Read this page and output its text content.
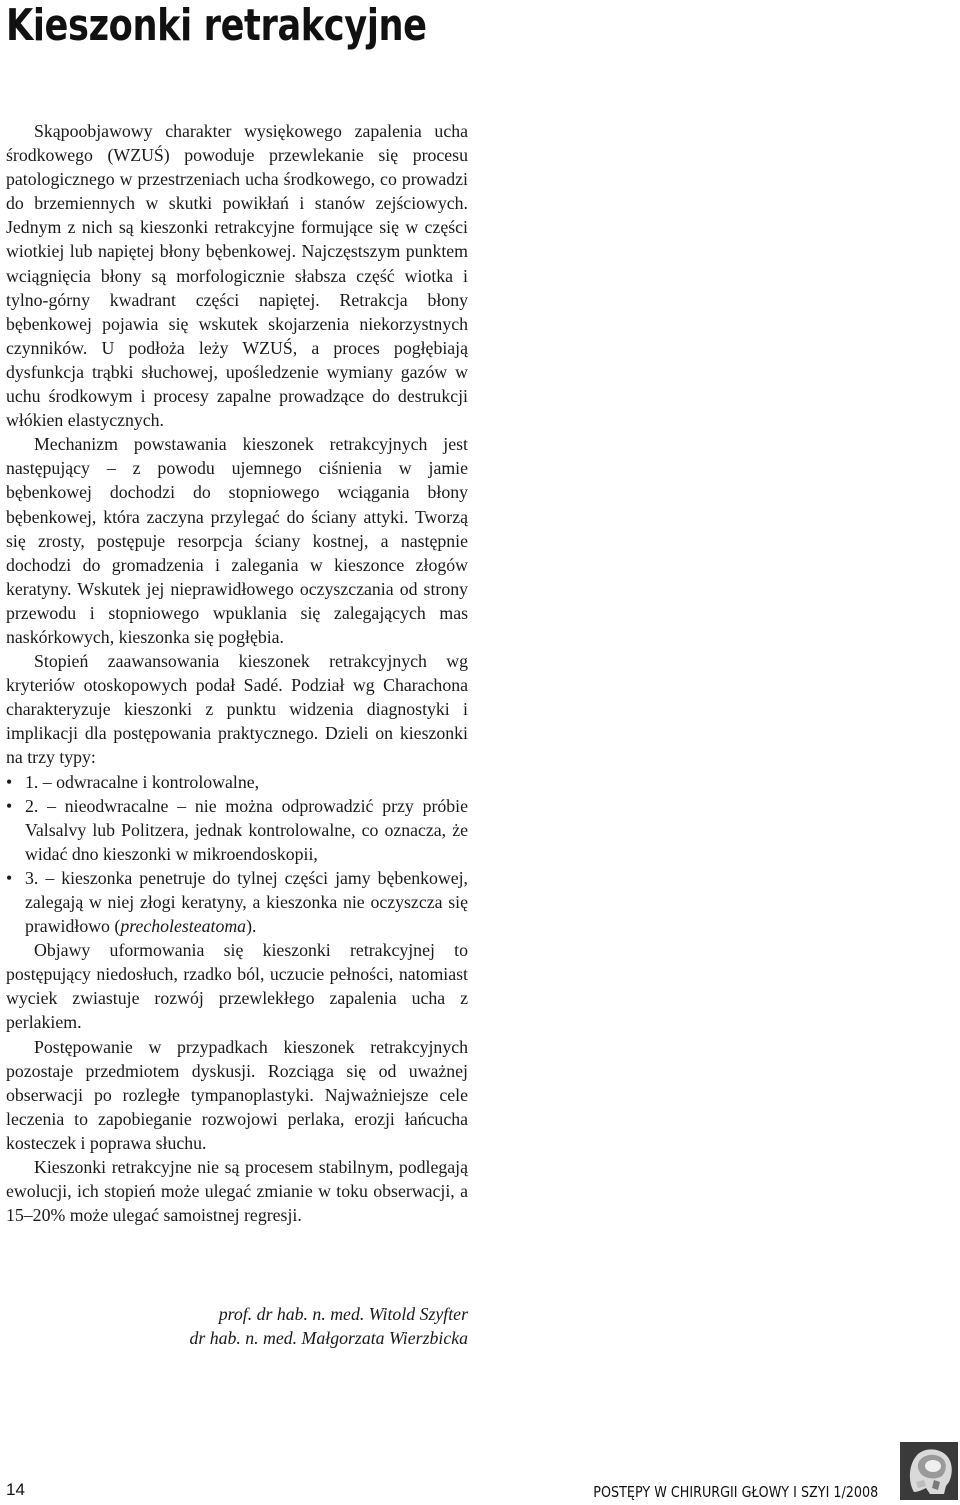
Kieszonki retrakcyjne

Skąpoobjawowy charakter wysiękowego zapalenia ucha środkowego (WZUŚ) powoduje przewlekanie się procesu patologicznego w przestrzeniach ucha środkowego, co prowadzi do brzemiennych w skutki powikłań i stanów zejściowych. Jednym z nich są kieszonki retrakcyjne formujące się w części wiotkiej lub napiętej błony bębenkowej. Najczęstszym punktem wciągnięcia błony są morfologicznie słabsza część wiotka i tylno-górny kwadrant części napiętej. Retrakcja błony bębenkowej pojawia się wskutek skojarzenia niekorzystnych czynników. U podłoża leży WZUŚ, a proces pogłębiają dysfunkcja trąbki słuchowej, upośledzenie wymiany gazów w uchu środkowym i procesy zapalne prowadzące do destrukcji włókien elastycznych.

Mechanizm powstawania kieszonek retrakcyjnych jest następujący – z powodu ujemnego ciśnienia w jamie bębenkowej dochodzi do stopniowego wciągania błony bębenkowej, która zaczyna przylegać do ściany attyki. Tworzą się zrosty, postępuje resorpcja ściany kostnej, a następnie dochodzi do gromadzenia i zalegania w kieszonce złogów keratyny. Wskutek jej nieprawidłowego oczyszczania od strony przewodu i stopniowego wpuklania się zalegających mas naskórkowych, kieszonka się pogłębia.

Stopień zaawansowania kieszonek retrakcyjnych wg kryteriów otoskopowych podał Sadé. Podział wg Charachona charakteryzuje kieszonki z punktu widzenia diagnostyki i implikacji dla postępowania praktycznego. Dzieli on kieszonki na trzy typy:

• 1. – odwracalne i kontrolowalne,
• 2. – nieodwracalne – nie można odprowadzić przy próbie Valsalvy lub Politzera, jednak kontrolowalne, co oznacza, że widać dno kieszonki w mikroendoskopii,
• 3. – kieszonka penetruje do tylnej części jamy bębenkowej, zalegają w niej złogi keratyny, a kieszonka nie oczyszcza się prawidłowo (precholesteatoma).

Objawy uformowania się kieszonki retrakcyjnej to postępujący niedosłuch, rzadko ból, uczucie pełności, natomiast wyciek zwiastuje rozwój przewlekłego zapalenia ucha z perlakiem.

Postępowanie w przypadkach kieszonek retrakcyjnych pozostaje przedmiotem dyskusji. Rozciąga się od uważnej obserwacji po rozległe tympanoplastyki. Najważniejsze cele leczenia to zapobieganie rozwojowi perlaka, erozji łańcucha kosteczek i poprawa słuchu.

Kieszonki retrakcyjne nie są procesem stabilnym, podlegają ewolucji, ich stopień może ulegać zmianie w toku obserwacji, a 15–20% może ulegać samoistnej regresji.

prof. dr hab. n. med. Witold Szyfter
dr hab. n. med. Małgorzata Wierzbicka
14	POSTĘPY W CHIRURGII GŁOWY I SZYI 1/2008
